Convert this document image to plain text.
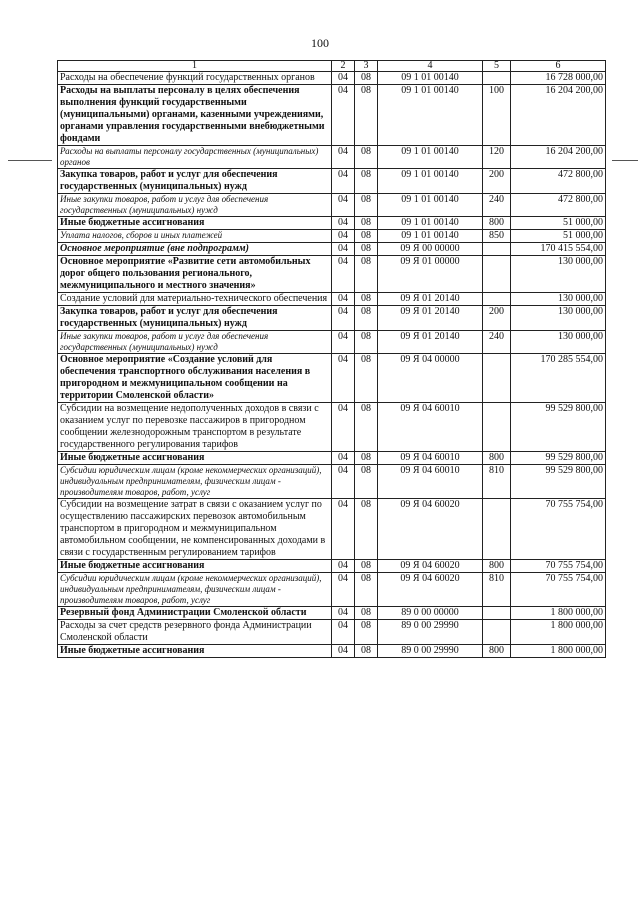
100
1	2	3	4	5	6
Расходы на обеспечение функций государственных органов	04	08	09 1 01 00140		16 728 000,00
Расходы на выплаты персоналу в целях обеспечения выполнения функций государственными (муниципальными) органами, казенными учреждениями, органами управления государственными внебюджетными фондами	04	08	09 1 01 00140	100	16 204 200,00
Расходы на выплаты персоналу государственных (муниципальных) органов	04	08	09 1 01 00140	120	16 204 200,00
Закупка товаров, работ и услуг для обеспечения государственных (муниципальных) нужд	04	08	09 1 01 00140	200	472 800,00
Иные закупки товаров, работ и услуг для обеспечения государственных (муниципальных) нужд	04	08	09 1 01 00140	240	472 800,00
Иные бюджетные ассигнования	04	08	09 1 01 00140	800	51 000,00
Уплата налогов, сборов и иных платежей	04	08	09 1 01 00140	850	51 000,00
Основное мероприятие (вне подпрограмм)	04	08	09 Я 00 00000		170 415 554,00
Основное мероприятие «Развитие сети автомобильных дорог общего пользования регионального, межмуниципального и местного значения»	04	08	09 Я 01 00000		130 000,00
Создание условий для материально-технического обеспечения	04	08	09 Я 01 20140		130 000,00
Закупка товаров, работ и услуг для обеспечения государственных (муниципальных) нужд	04	08	09 Я 01 20140	200	130 000,00
Иные закупки товаров, работ и услуг для обеспечения государственных (муниципальных) нужд	04	08	09 Я 01 20140	240	130 000,00
Основное мероприятие «Создание условий для обеспечения транспортного обслуживания населения в пригородном и межмуниципальном сообщении на территории Смоленской области»	04	08	09 Я 04 00000		170 285 554,00
Субсидии на возмещение недополученных доходов в связи с оказанием услуг по перевозке пассажиров в пригородном сообщении железнодорожным транспортом в результате государственного регулирования тарифов	04	08	09 Я 04 60010		99 529 800,00
Иные бюджетные ассигнования	04	08	09 Я 04 60010	800	99 529 800,00
Субсидии юридическим лицам (кроме некоммерческих организаций), индивидуальным предпринимателям, физическим лицам - производителям товаров, работ, услуг	04	08	09 Я 04 60010	810	99 529 800,00
Субсидии на возмещение затрат в связи с оказанием услуг по осуществлению пассажирских перевозок автомобильным транспортом в пригородном и межмуниципальном автомобильном сообщении, не компенсированных доходами в связи с государственным регулированием тарифов	04	08	09 Я 04 60020		70 755 754,00
Иные бюджетные ассигнования	04	08	09 Я 04 60020	800	70 755 754,00
Субсидии юридическим лицам (кроме некоммерческих организаций), индивидуальным предпринимателям, физическим лицам - производителям товаров, работ, услуг	04	08	09 Я 04 60020	810	70 755 754,00
Резервный фонд Администрации Смоленской области	04	08	89 0 00 00000		1 800 000,00
Расходы за счет средств резервного фонда Администрации Смоленской области	04	08	89 0 00 29990		1 800 000,00
Иные бюджетные ассигнования	04	08	89 0 00 29990	800	1 800 000,00
